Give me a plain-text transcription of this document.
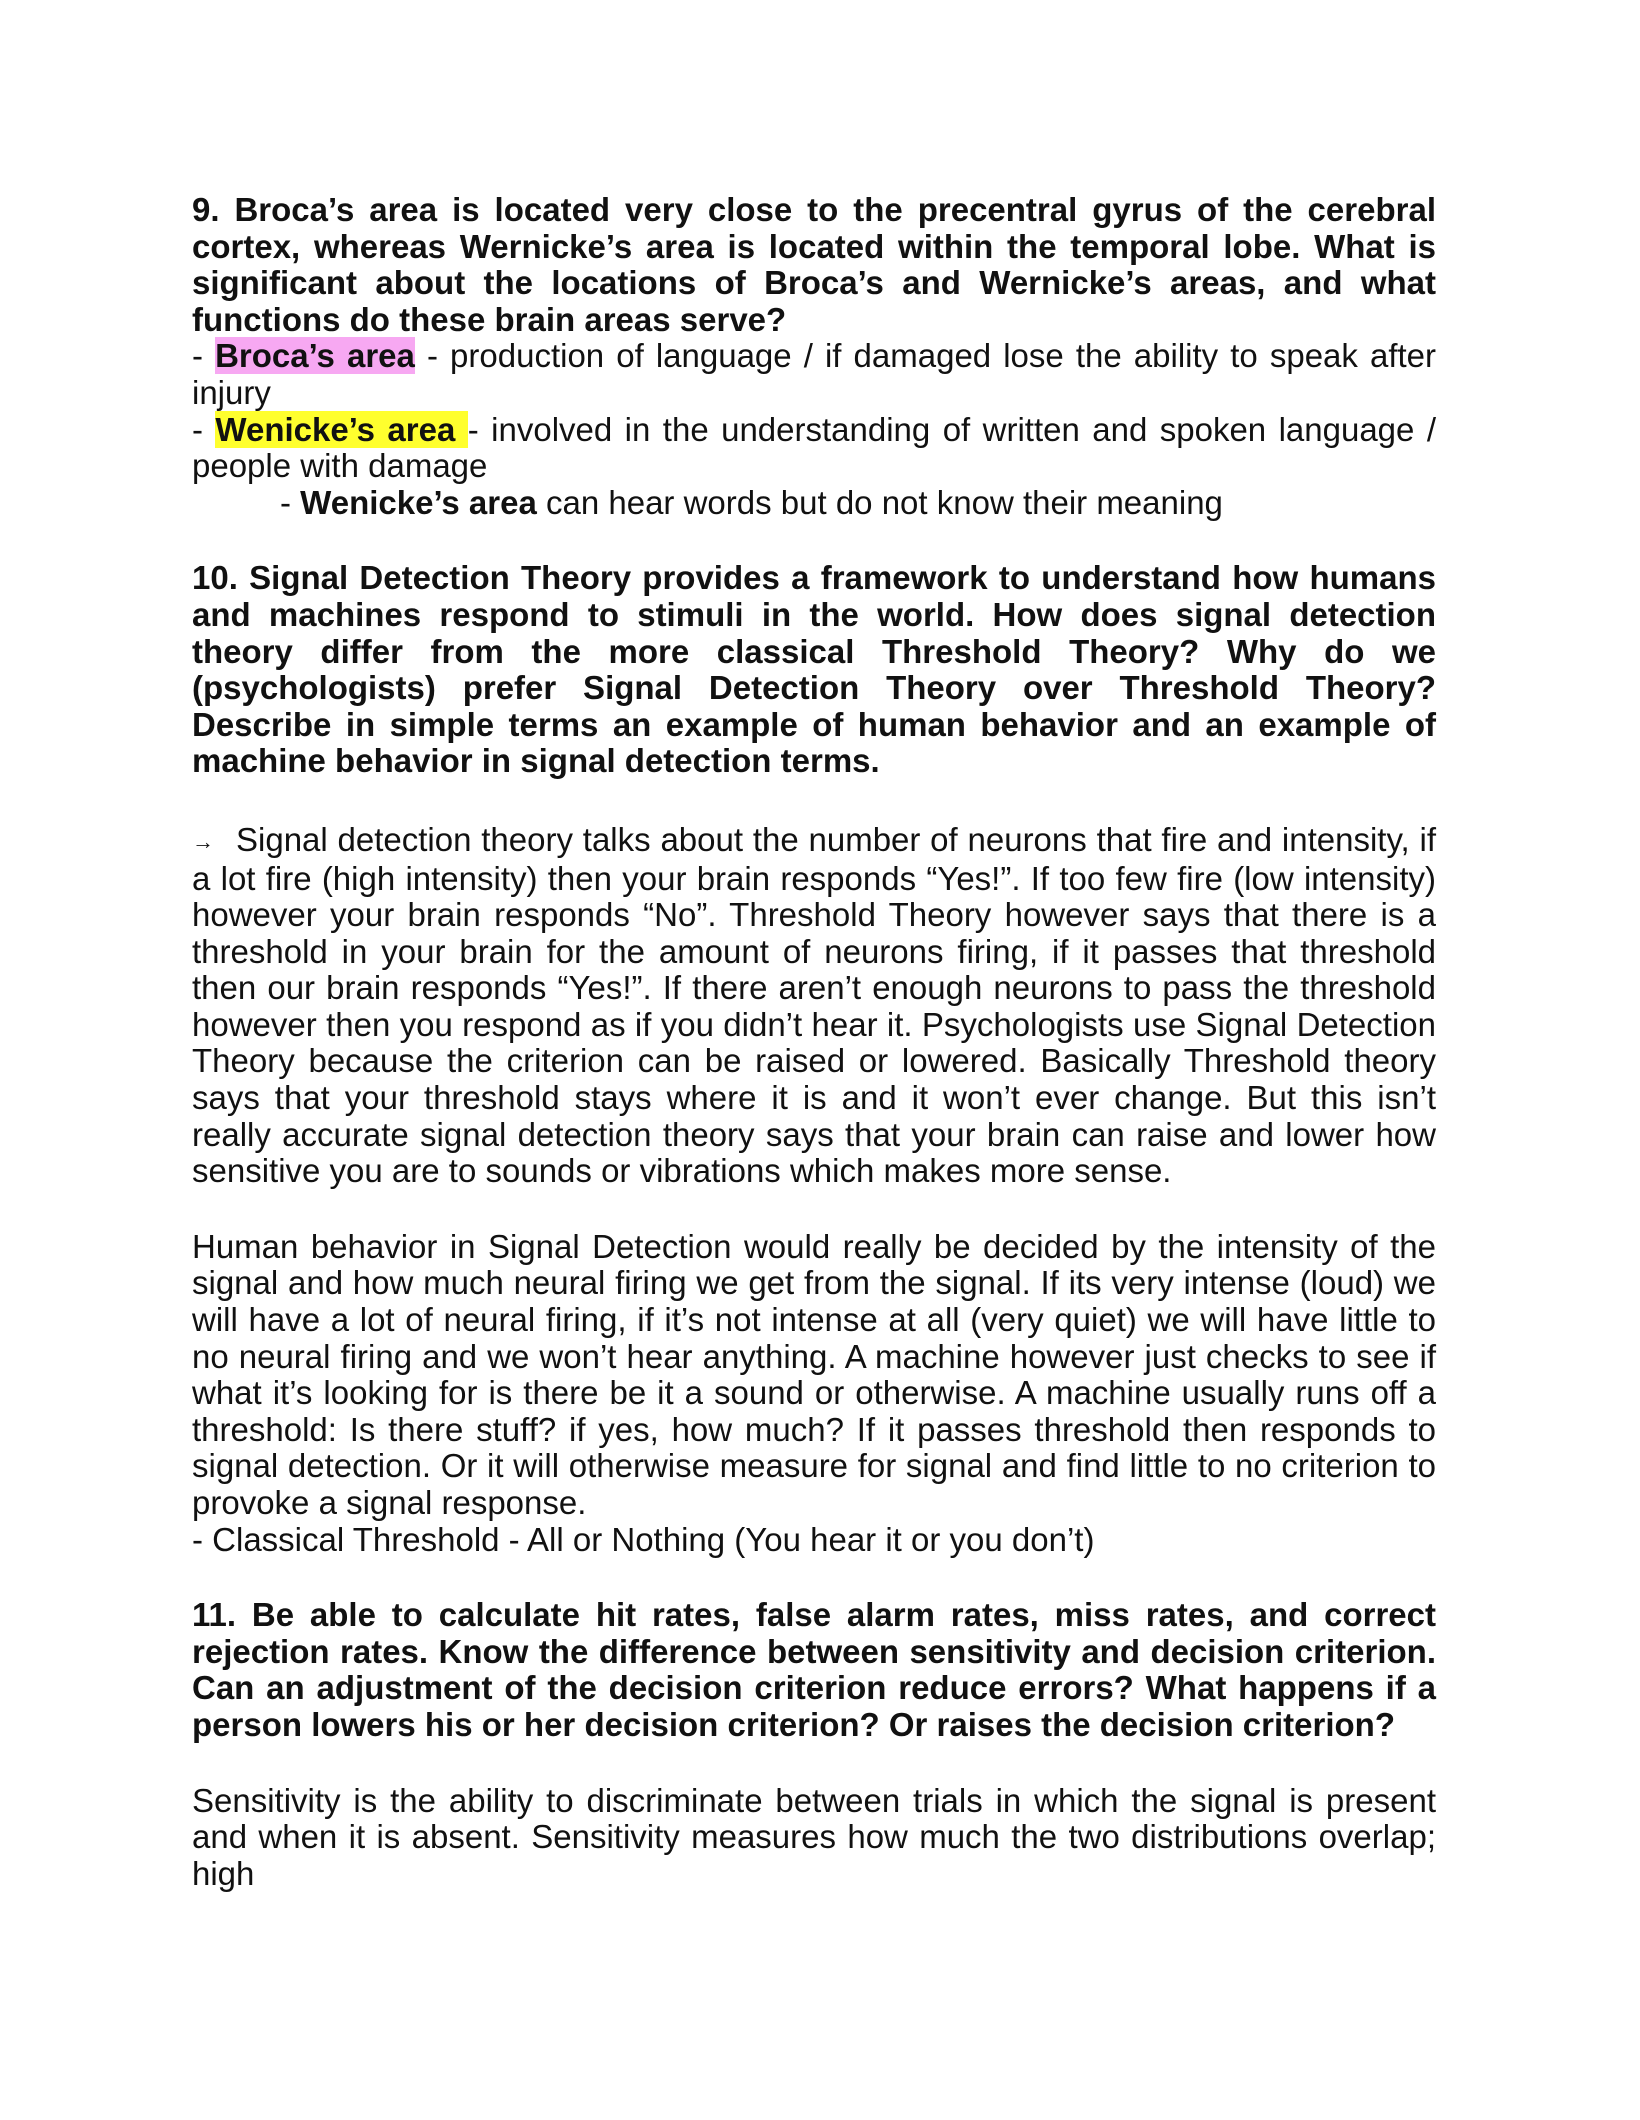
9. Broca’s area is located very close to the precentral gyrus of the cerebral cortex, whereas Wernicke’s area is located within the temporal lobe. What is significant about the locations of Broca’s and Wernicke’s areas, and what functions do these brain areas serve?

- Broca’s area - production of language / if damaged lose the ability to speak after injury

- Wenicke’s area - involved in the understanding of written and spoken language / people with damage

- Wenicke’s area can hear words but do not know their meaning

10. Signal Detection Theory provides a framework to understand how humans and machines respond to stimuli in the world. How does signal detection theory differ from the more classical Threshold Theory? Why do we (psychologists) prefer Signal Detection Theory over Threshold Theory? Describe in simple terms an example of human behavior and an example of machine behavior in signal detection terms.

→ Signal detection theory talks about the number of neurons that fire and intensity, if a lot fire (high intensity) then your brain responds “Yes!”. If too few fire (low intensity) however your brain responds “No”. Threshold Theory however says that there is a threshold in your brain for the amount of neurons firing, if it passes that threshold then our brain responds “Yes!”. If there aren’t enough neurons to pass the threshold however then you respond as if you didn’t hear it. Psychologists use Signal Detection Theory because the criterion can be raised or lowered. Basically Threshold theory says that your threshold stays where it is and it won’t ever change. But this isn’t really accurate signal detection theory says that your brain can raise and lower how sensitive you are to sounds or vibrations which makes more sense.

Human behavior in Signal Detection would really be decided by the intensity of the signal and how much neural firing we get from the signal. If its very intense (loud) we will have a lot of neural firing, if it’s not intense at all (very quiet) we will have little to no neural firing and we won’t hear anything. A machine however just checks to see if what it’s looking for is there be it a sound or otherwise. A machine usually runs off a threshold: Is there stuff? if yes, how much? If it passes threshold then responds to signal detection. Or it will otherwise measure for signal and find little to no criterion to provoke a signal response.

- Classical Threshold - All or Nothing (You hear it or you don’t)

11. Be able to calculate hit rates, false alarm rates, miss rates, and correct rejection rates. Know the difference between sensitivity and decision criterion. Can an adjustment of the decision criterion reduce errors? What happens if a person lowers his or her decision criterion? Or raises the decision criterion?

Sensitivity is the ability to discriminate between trials in which the signal is present and when it is absent. Sensitivity measures how much the two distributions overlap; high
